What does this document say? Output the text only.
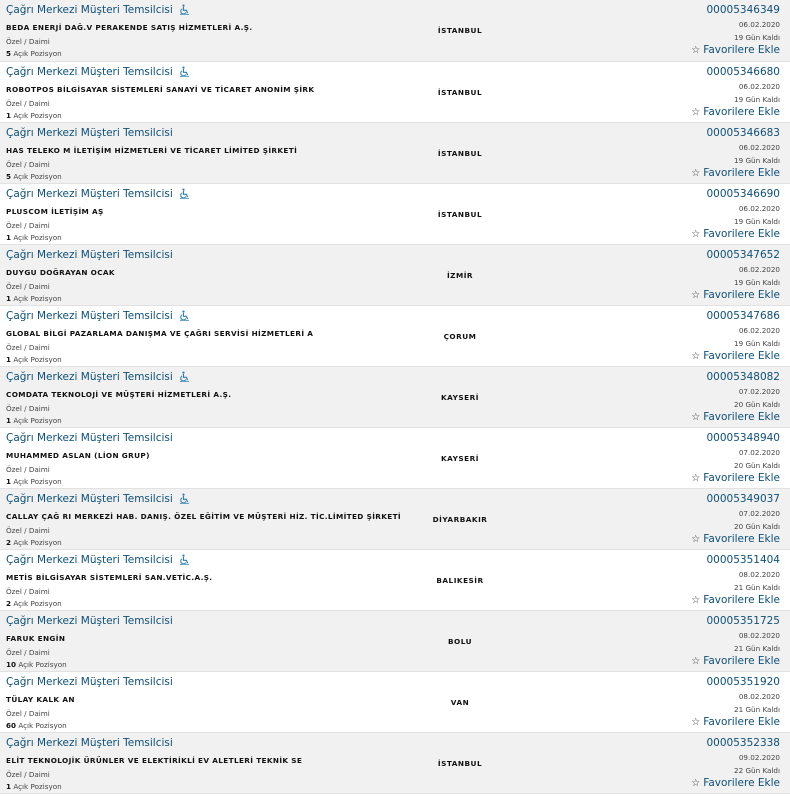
Çağrı Merkezi Müşteri Temsilcisi
BEDA ENERJİ DAĞ.V PERAKENDE SATIŞ HİZMETLERİ A.Ş.
Özel / Daimi
5 Açık Pozisyon
İSTANBUL
00005346349
06.02.2020
19 Gün Kaldı
☆ Favorilere Ekle
Çağrı Merkezi Müşteri Temsilcisi
ROBOTPOS BİLGİSAYAR SİSTEMLERİ SANAYİ VE TİCARET ANONİM ŞİRK
Özel / Daimi
1 Açık Pozisyon
İSTANBUL
00005346680
06.02.2020
19 Gün Kaldı
☆ Favorilere Ekle
Çağrı Merkezi Müşteri Temsilcisi
HAS TELEKO M İLETİŞİM HİZMETLERİ VE TİCARET LİMİTED ŞİRKETİ
Özel / Daimi
5 Açık Pozisyon
İSTANBUL
00005346683
06.02.2020
19 Gün Kaldı
☆ Favorilere Ekle
Çağrı Merkezi Müşteri Temsilcisi
PLUSCOM İLETİŞİM AŞ
Özel / Daimi
1 Açık Pozisyon
İSTANBUL
00005346690
06.02.2020
19 Gün Kaldı
☆ Favorilere Ekle
Çağrı Merkezi Müşteri Temsilcisi
DUYGU DOĞRAYAN OCAK
Özel / Daimi
1 Açık Pozisyon
İZMİR
00005347652
06.02.2020
19 Gün Kaldı
☆ Favorilere Ekle
Çağrı Merkezi Müşteri Temsilcisi
GLOBAL BİLGİ PAZARLAMA DANIŞMA VE ÇAĞRI SERVİSİ HİZMETLERİ A
Özel / Daimi
1 Açık Pozisyon
ÇORUM
00005347686
06.02.2020
19 Gün Kaldı
☆ Favorilere Ekle
Çağrı Merkezi Müşteri Temsilcisi
COMDATA TEKNOLOJİ VE MÜŞTERİ HİZMETLERİ A.Ş.
Özel / Daimi
1 Açık Pozisyon
KAYSERİ
00005348082
07.02.2020
20 Gün Kaldı
☆ Favorilere Ekle
Çağrı Merkezi Müşteri Temsilcisi
MUHAMMED ASLAN (LİON GRUP)
Özel / Daimi
1 Açık Pozisyon
KAYSERİ
00005348940
07.02.2020
20 Gün Kaldı
☆ Favorilere Ekle
Çağrı Merkezi Müşteri Temsilcisi
CALLAY ÇAĞ RI MERKEZİ HAB. DANIŞ. ÖZEL EĞİTİM VE MÜŞTERİ HİZ. TİC.LİMİTED ŞİRKETİ
Özel / Daimi
2 Açık Pozisyon
DİYARBAKIR
00005349037
07.02.2020
20 Gün Kaldı
☆ Favorilere Ekle
Çağrı Merkezi Müşteri Temsilcisi
METİS BİLGİSAYAR SİSTEMLERİ SAN.VETİC.A.Ş.
Özel / Daimi
2 Açık Pozisyon
BALIKESİR
00005351404
08.02.2020
21 Gün Kaldı
☆ Favorilere Ekle
Çağrı Merkezi Müşteri Temsilcisi
FARUK ENGİN
Özel / Daimi
10 Açık Pozisyon
BOLU
00005351725
08.02.2020
21 Gün Kaldı
☆ Favorilere Ekle
Çağrı Merkezi Müşteri Temsilcisi
TÜLAY KALK AN
Özel / Daimi
60 Açık Pozisyon
VAN
00005351920
08.02.2020
21 Gün Kaldı
☆ Favorilere Ekle
Çağrı Merkezi Müşteri Temsilcisi
ELİT TEKNOLOJİK ÜRÜNLER VE ELEKTİRİKLİ EV ALETLERİ TEKNİK SE
Özel / Daimi
1 Açık Pozisyon
İSTANBUL
00005352338
09.02.2020
22 Gün Kaldı
☆ Favorilere Ekle
